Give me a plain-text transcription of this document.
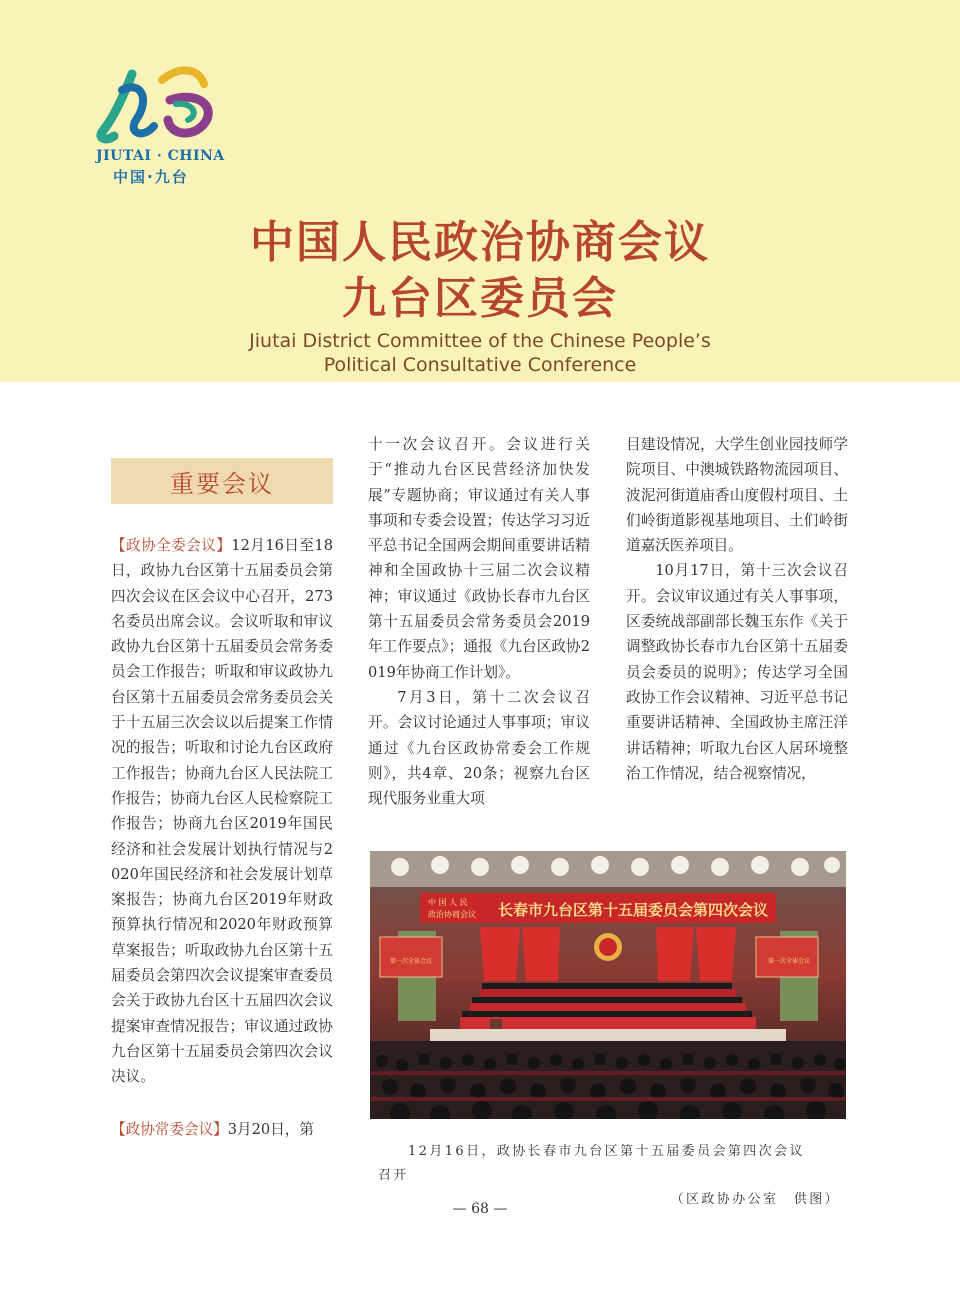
JIUTAI · CHINA
中国·九台
中国人民政治协商会议
九台区委员会
Jiutai District Committee of the Chinese People’s
Political Consultative Conference
重要会议

【政协全委会议】12月16日至18日，政协九台区第十五届委员会第四次会议在区会议中心召开，273名委员出席会议。会议听取和审议政协九台区第十五届委员会常务委员会工作报告；听取和审议政协九台区第十五届委员会常务委员会关于十五届三次会议以后提案工作情况的报告；听取和讨论九台区政府工作报告；协商九台区人民法院工作报告；协商九台区人民检察院工作报告；协商九台区2019年国民经济和社会发展计划执行情况与2020年国民经济和社会发展计划草案报告；协商九台区2019年财政预算执行情况和2020年财政预算草案报告；听取政协九台区第十五届委员会第四次会议提案审查委员会关于政协九台区十五届四次会议提案审查情况报告；审议通过政协九台区第十五届委员会第四次会议决议。

【政协常委会议】3月20日，第

十一次会议召开。会议进行关于“推动九台区民营经济加快发展”专题协商；审议通过有关人事事项和专委会设置；传达学习习近平总书记全国两会期间重要讲话精神和全国政协十三届二次会议精神；审议通过《政协长春市九台区第十五届委员会常务委员会2019年工作要点》；通报《九台区政协2019年协商工作计划》。

7月3日，第十二次会议召开。会议讨论通过人事事项；审议通过《九台区政协常委会工作规则》，共4章、20条；视察九台区现代服务业重大项

目建设情况，大学生创业园技师学院项目、中澳城铁路物流园项目、波泥河街道庙香山度假村项目、土们岭街道影视基地项目、土们岭街道嘉沃医养项目。

10月17日，第十三次会议召开。会议审议通过有关人事事项，区委统战部副部长魏玉东作《关于调整政协长春市九台区第十五届委员会委员的说明》；传达学习全国政协工作会议精神、习近平总书记重要讲话精神、全国政协主席汪洋讲话精神；听取九台区人居环境整治工作情况，结合视察情况，

中 国 人 民
政治协商会议 长春市九台区第十五届委员会第四次会议
第一次全体会议	第一次全体会议
12月16日，政协长春市九台区第十五届委员会第四次会议
召开
（区政协办公室　供图）
— 68 —
